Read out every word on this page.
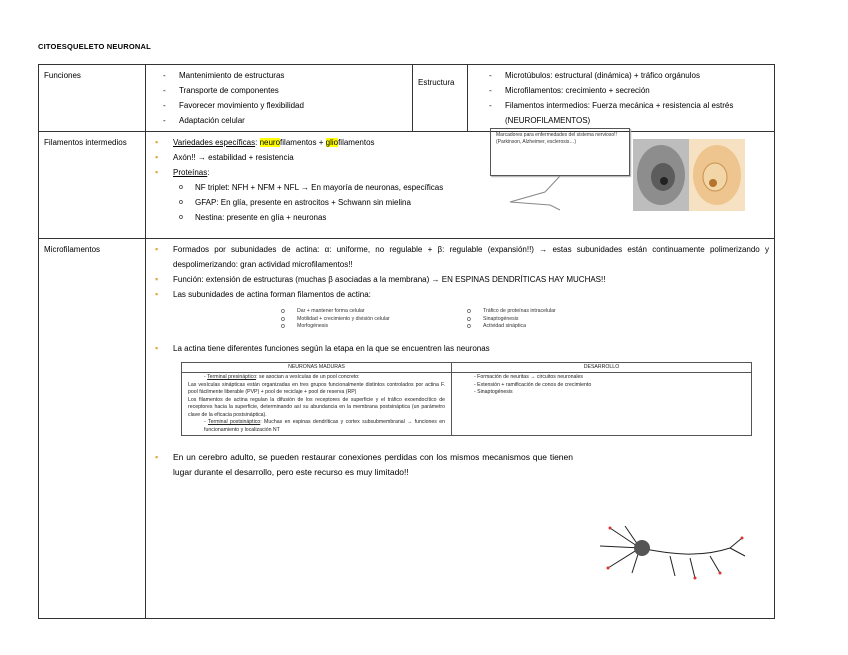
CITOESQUELETO NEURONAL
Funciones	
-Mantenimiento de estructuras
- Transporte de componentes
- Favorecer movimiento y flexibilidad
- Adaptación celular
	Estructura	
- Microtúbulos: estructural (dinámica) + tráfico orgánulos
- Microfilamentos: crecimiento + secreción
- Filamentos intermedios: Fuerza mecánica + resistencia al estrés (NEUROFILAMENTOS)

Filamentos intermedios	
▪Variedades específicas: neurofilamentos + gliofilamentos
▪ Axón!! → estabilidad + resistencia
▪ Proteínas:
o NF triplet: NFH + NFM + NFL → En mayoría de neuronas, específicas
o GFAP: En glía, presente en astrocitos + Schwann sin mielina
o Nestina: presente en glía + neuronas

Microfilamentos	
▪Formados por subunidades de actina: α: uniforme, no regulable + β: regulable (expansión!!) → estas subunidades están continuamente polimerizando y despolimerizando: gran actividad microfilamentos!!
▪ Función: extensión de estructuras (muchas β asociadas a la membrana) → EN ESPINAS DENDRÍTICAS HAY MUCHAS!!
▪ Las subunidades de actina forman filamentos de actina:
o Dar + mantener forma celular
o Motilidad + crecimiento y división celular
o Morfogénesis
o Tráfico de proteínas intracelular
o Sinaptogénesis
o Actividad sináptica
▪ La actina tiene diferentes funciones según la etapa en la que se encuentren las neuronas
NEURONAS MADURAS	DESARROLLO

- Terminal presináptico: se asocian a vesículas de un pool concreto:
Las vesículas sinápticas están organizadas en tres grupos funcionalmente distintos controlados por actina F. pool fácilmente liberable (PVP) + pool de reciclaje + pool de reserva (RP)
Los filamentos de actina regulan la difusión de los receptores de superficie y el tráfico exoendocítico de receptores hacia la superficie, determinando así su abundancia en la membrana postsináptica (un parámetro clave de la eficacia postsináptica).
- Terminal postsináptico: Muchas en espinas dendríticas y cortex subsubmembranal → funciones en funcionamiento y localización NT

- Formación de neuritas → circuitos neuronales
- Extensión + ramificación de conos de crecimiento
- Sinaptogénesis
▪ En un cerebro adulto, se pueden restaurar conexiones perdidas con los mismos mecanismos que tienen lugar durante el desarrollo, pero este recurso es muy limitado!!
Marcadores para enfermedades del sistema nervioso!! (Parkinson, Alzheimer, esclerosis…)
